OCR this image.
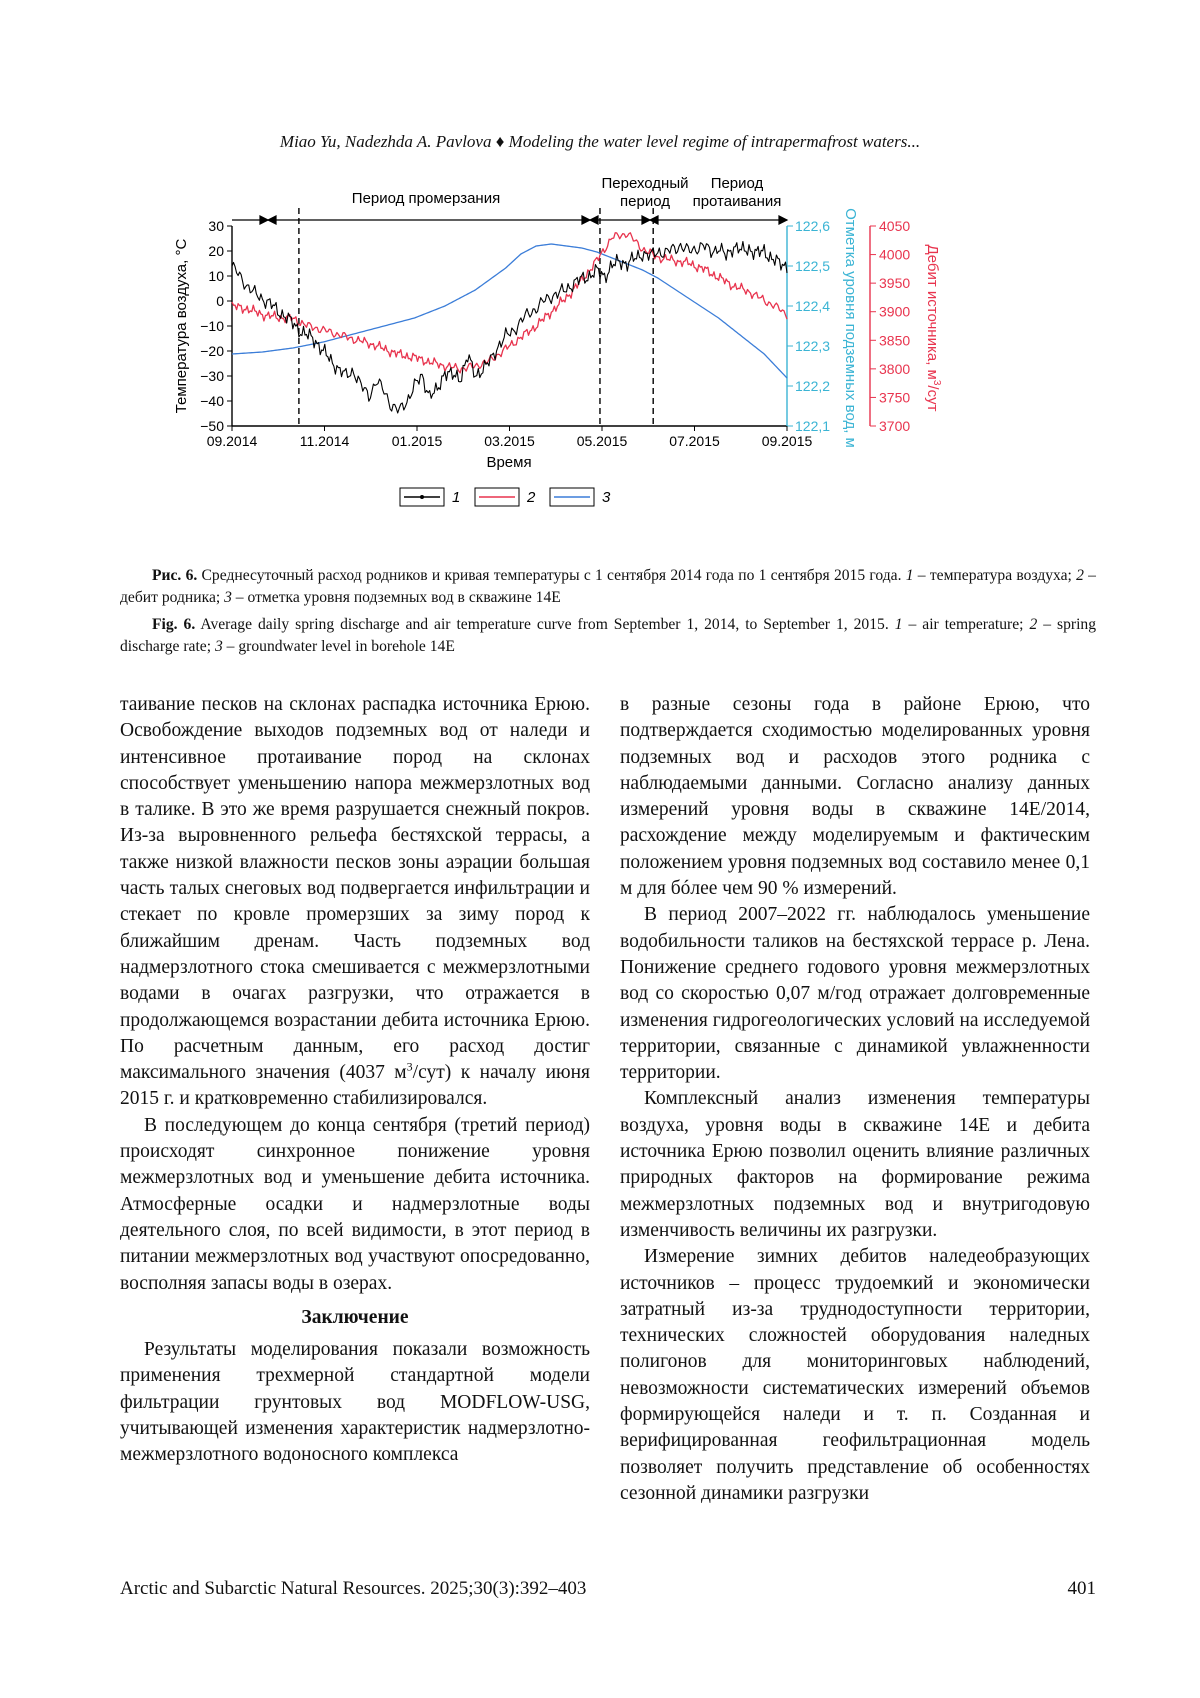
Miao Yu, Nadezhda A. Pavlova ♦ Modeling the water level regime of intrapermafrost waters...
Период промерзания
Переходный
период
Период
протаивания
30
20
10
0
−10
−20
−30
−40
−50
122,6
122,5
122,4
122,3
122,2
122,1
4050
4000
3950
3900
3850
3800
3750
3700
09.2014	11.2014	01.2015	03.2015	05.2015	07.2015	09.2015
Температура воздуха, °C	Отметка уровня подземных вод, м	Дебит источника, $м^3$/сут
Время
1	2	3

Рис. 6. Среднесуточный расход родников и кривая температуры с 1 сентября 2014 года по 1 сентября 2015 года. 1 – температура воздуха; 2 – дебит родника; 3 – отметка уровня подземных вод в скважине 14Е

Fig. 6. Average daily spring discharge and air temperature curve from September 1, 2014, to September 1, 2015. 1 – air temperature; 2 – spring discharge rate; 3 – groundwater level in borehole 14E

таивание песков на склонах распадка источника Ерюю. Освобождение выходов подземных вод от наледи и интенсивное протаивание пород на склонах способствует уменьшению напора межмерзлотных вод в талике. В это же время разрушается снежный покров. Из-за выровненного рельефа бестяхской террасы, а также низкой влажности песков зоны аэрации большая часть талых снеговых вод подвергается инфильтрации и стекает по кровле промерзших за зиму пород к ближайшим дренам. Часть подземных вод надмерзлотного стока смешивается с межмерзлотными водами в очагах разгрузки, что отражается в продолжающемся возрастании дебита источника Ерюю. По расчетным данным, его расход достиг максимального значения (4037 $м^3/сут$) к началу июня 2015 г. и кратковременно стабилизировался.

В последующем до конца сентября (третий период) происходят синхронное понижение уровня межмерзлотных вод и уменьшение дебита источника. Атмосферные осадки и надмерзлотные воды деятельного слоя, по всей видимости, в этот период в питании межмерзлотных вод участвуют опосредованно, восполняя запасы воды в озерах.

Заключение

Результаты моделирования показали возможность применения трехмерной стандартной модели фильтрации грунтовых вод MODFLOW-USG, учитывающей изменения характеристик надмерзлотно-межмерзлотного водоносного комплекса

в разные сезоны года в районе Ерюю, что подтверждается сходимостью моделированных уровня подземных вод и расходов этого родника с наблюдаемыми данными. Согласно анализу данных измерений уровня воды в скважине 14Е/2014, расхождение между моделируемым и фактическим положением уровня подземных вод составило менее 0,1 м для бóлее чем 90 % измерений.

В период 2007–2022 гг. наблюдалось уменьшение водобильности таликов на бестяхской террасе р. Лена. Понижение среднего годового уровня межмерзлотных вод со скоростью 0,07 м/год отражает долговременные изменения гидрогеологических условий на исследуемой территории, связанные с динамикой увлажненности территории.

Комплексный анализ изменения температуры воздуха, уровня воды в скважине 14Е и дебита источника Ерюю позволил оценить влияние различных природных факторов на формирование режима межмерзлотных подземных вод и внутригодовую изменчивость величины их разгрузки.

Измерение зимних дебитов наледеобразующих источников – процесс трудоемкий и экономически затратный из-за труднодоступности территории, технических сложностей оборудования наледных полигонов для мониторинговых наблюдений, невозможности систематических измерений объемов формирующейся наледи и т. п. Созданная и верифицированная геофильтрационная модель позволяет получить представление об особенностях сезонной динамики разгрузки

Arctic and Subarctic Natural Resources. 2025;30(3):392–403	401
